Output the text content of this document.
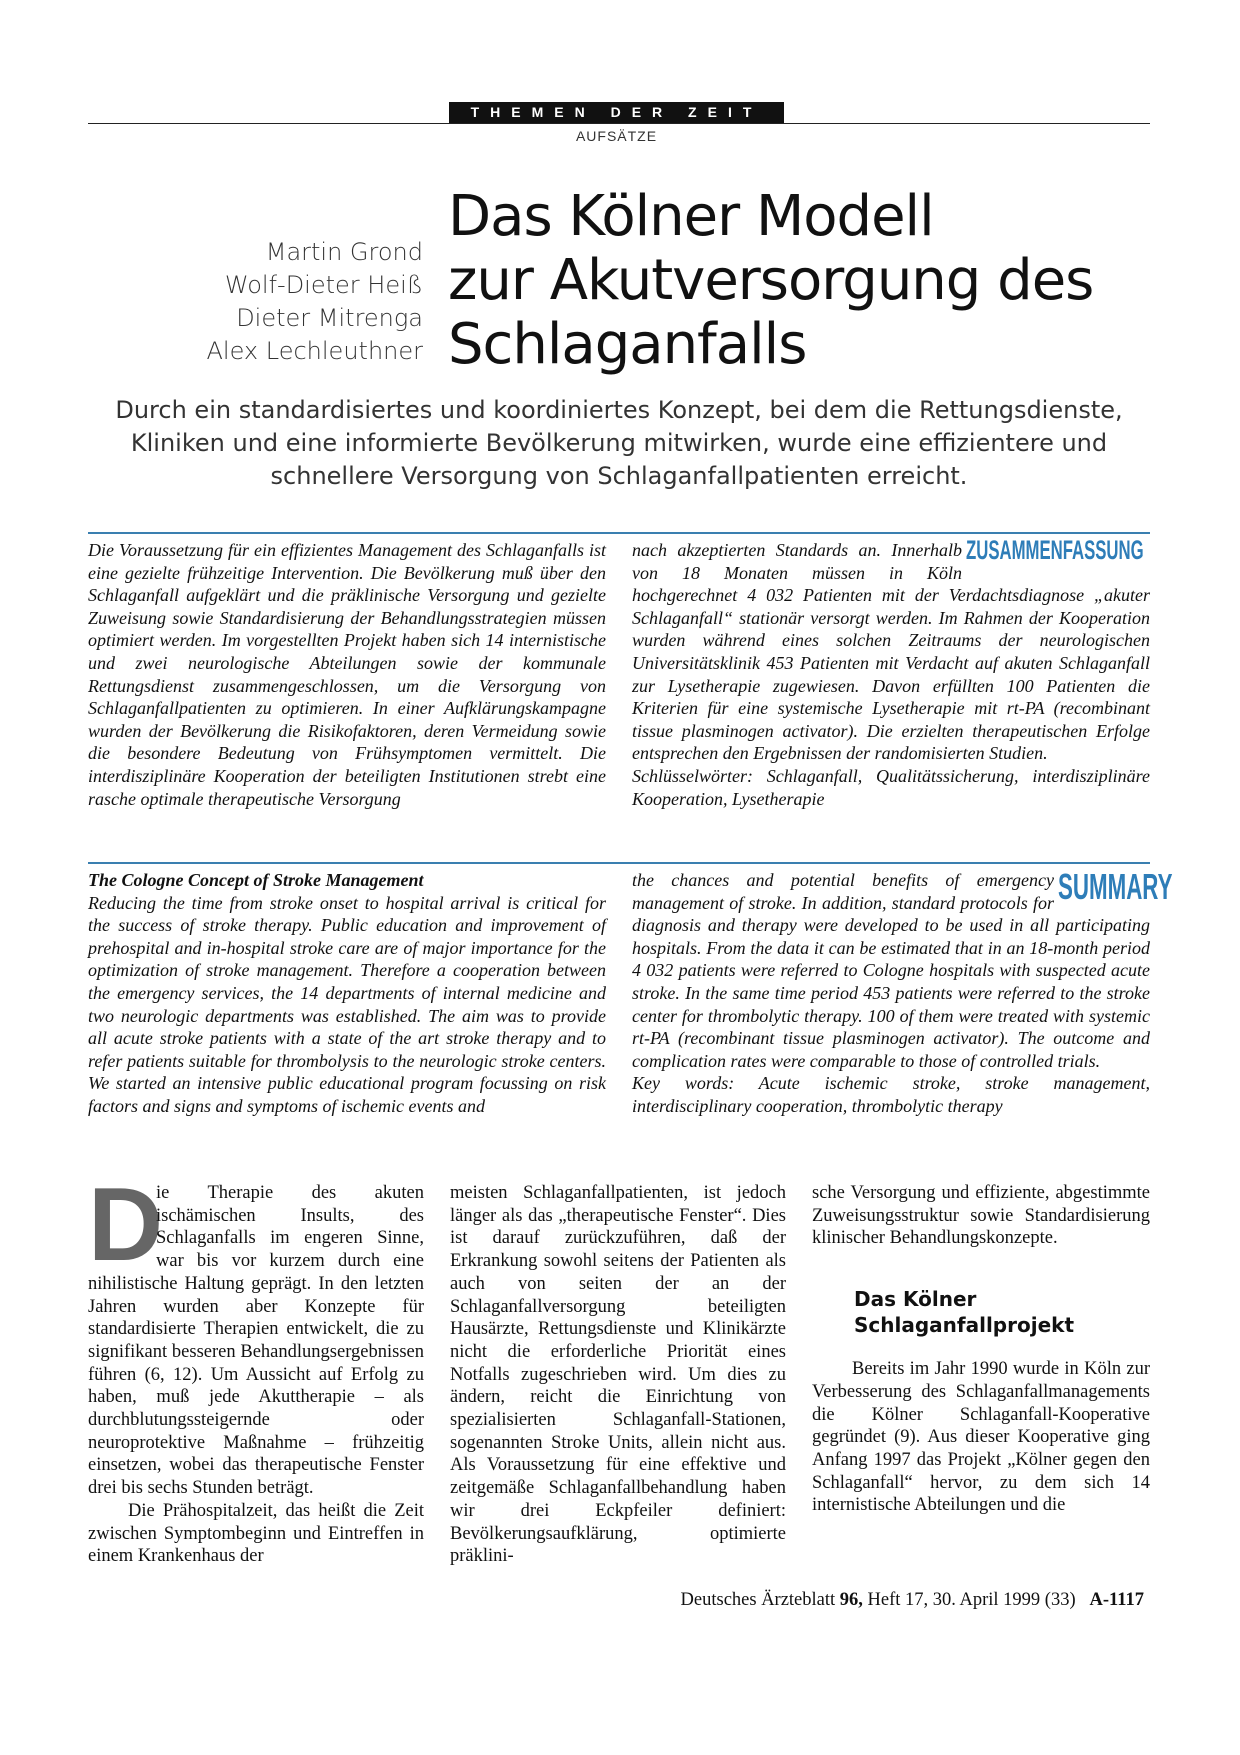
THEMEN DER ZEIT
AUFSÄTZE
Martin Grond
Wolf-Dieter Heiß
Dieter Mitrenga
Alex Lechleuthner
Das Kölner Modell
zur Akutversorgung des
Schlaganfalls
Durch ein standardisiertes und koordiniertes Konzept, bei dem die Rettungsdienste, Kliniken und eine informierte Bevölkerung mitwirken, wurde eine effizientere und schnellere Versorgung von Schlaganfallpatienten erreicht.
Die Voraussetzung für ein effizientes Management des Schlaganfalls ist eine gezielte frühzeitige Intervention. Die Bevölkerung muß über den Schlaganfall aufgeklärt und die präklinische Versorgung und gezielte Zuweisung sowie Standardisierung der Behandlungsstrategien müssen optimiert werden. Im vorgestellten Projekt haben sich 14 internistische und zwei neurologische Abteilungen sowie der kommunale Rettungsdienst zusammengeschlossen, um die Versorgung von Schlaganfallpatienten zu optimieren. In einer Aufklärungskampagne wurden der Bevölkerung die Risikofaktoren, deren Vermeidung sowie die besondere Bedeutung von Frühsymptomen vermittelt. Die interdisziplinäre Kooperation der beteiligten Institutionen strebt eine rasche optimale therapeutische Versorgung
ZUSAMMENFASSUNG
nach akzeptierten Standards an. Innerhalb von 18 Monaten müssen in Köln hochgerechnet 4 032 Patienten mit der Verdachtsdiagnose „akuter Schlaganfall“ stationär versorgt werden. Im Rahmen der Kooperation wurden während eines solchen Zeitraums der neurologischen Universitätsklinik 453 Patienten mit Verdacht auf akuten Schlaganfall zur Lysetherapie zugewiesen. Davon erfüllten 100 Patienten die Kriterien für eine systemische Lysetherapie mit rt-PA (recombinant tissue plasminogen activator). Die erzielten therapeutischen Erfolge entsprechen den Ergebnissen der randomisierten Studien.
Schlüsselwörter: Schlaganfall, Qualitätssicherung, interdisziplinäre Kooperation, Lysetherapie
The Cologne Concept of Stroke Management
Reducing the time from stroke onset to hospital arrival is critical for the success of stroke therapy. Public education and improvement of prehospital and in-hospital stroke care are of major importance for the optimization of stroke management. Therefore a cooperation between the emergency services, the 14 departments of internal medicine and two neurologic departments was established. The aim was to provide all acute stroke patients with a state of the art stroke therapy and to refer patients suitable for thrombolysis to the neurologic stroke centers. We started an intensive public educational program focussing on risk factors and signs and symptoms of ischemic events and
SUMMARY
the chances and potential benefits of emergency management of stroke. In addition, standard protocols for diagnosis and therapy were developed to be used in all participating hospitals. From the data it can be estimated that in an 18-month period 4 032 patients were referred to Cologne hospitals with suspected acute stroke. In the same time period 453 patients were referred to the stroke center for thrombolytic therapy. 100 of them were treated with systemic rt-PA (recombinant tissue plasminogen activator). The outcome and complication rates were comparable to those of controlled trials.
Key words: Acute ischemic stroke, stroke management, interdisciplinary cooperation, thrombolytic therapy

D
ie Therapie des akuten ischämischen Insults, des Schlaganfalls im engeren Sinne, war bis vor kurzem durch eine nihilistische Haltung geprägt. In den letzten Jahren wurden aber Konzepte für standardisierte Therapien entwickelt, die zu signifikant besseren Behandlungsergebnissen führen (6, 12). Um Aussicht auf Erfolg zu haben, muß jede Akuttherapie – als durchblutungssteigernde oder neuroprotektive Maßnahme – frühzeitig einsetzen, wobei das therapeutische Fenster drei bis sechs Stunden beträgt.

Die Prähospitalzeit, das heißt die Zeit zwischen Symptombeginn und Eintreffen in einem Krankenhaus der

meisten Schlaganfallpatienten, ist jedoch länger als das „therapeutische Fenster“. Dies ist darauf zurückzuführen, daß der Erkrankung sowohl seitens der Patienten als auch von seiten der an der Schlaganfallversorgung beteiligten Hausärzte, Rettungsdienste und Klinikärzte nicht die erforderliche Priorität eines Notfalls zugeschrieben wird. Um dies zu ändern, reicht die Einrichtung von spezialisierten Schlaganfall-Stationen, sogenannten Stroke Units, allein nicht aus. Als Voraussetzung für eine effektive und zeitgemäße Schlaganfallbehandlung haben wir drei Eckpfeiler definiert: Bevölkerungsaufklärung, optimierte präklini-

sche Versorgung und effiziente, abgestimmte Zuweisungsstruktur sowie Standardisierung klinischer Behandlungskonzepte.

Das Kölner
Schlaganfallprojekt

Bereits im Jahr 1990 wurde in Köln zur Verbesserung des Schlaganfallmanagements die Kölner Schlaganfall-Kooperative gegründet (9). Aus dieser Kooperative ging Anfang 1997 das Projekt „Kölner gegen den Schlaganfall“ hervor, zu dem sich 14 internistische Abteilungen und die

Deutsches Ärzteblatt 96, Heft 17, 30. April 1999 (33) A-1117
